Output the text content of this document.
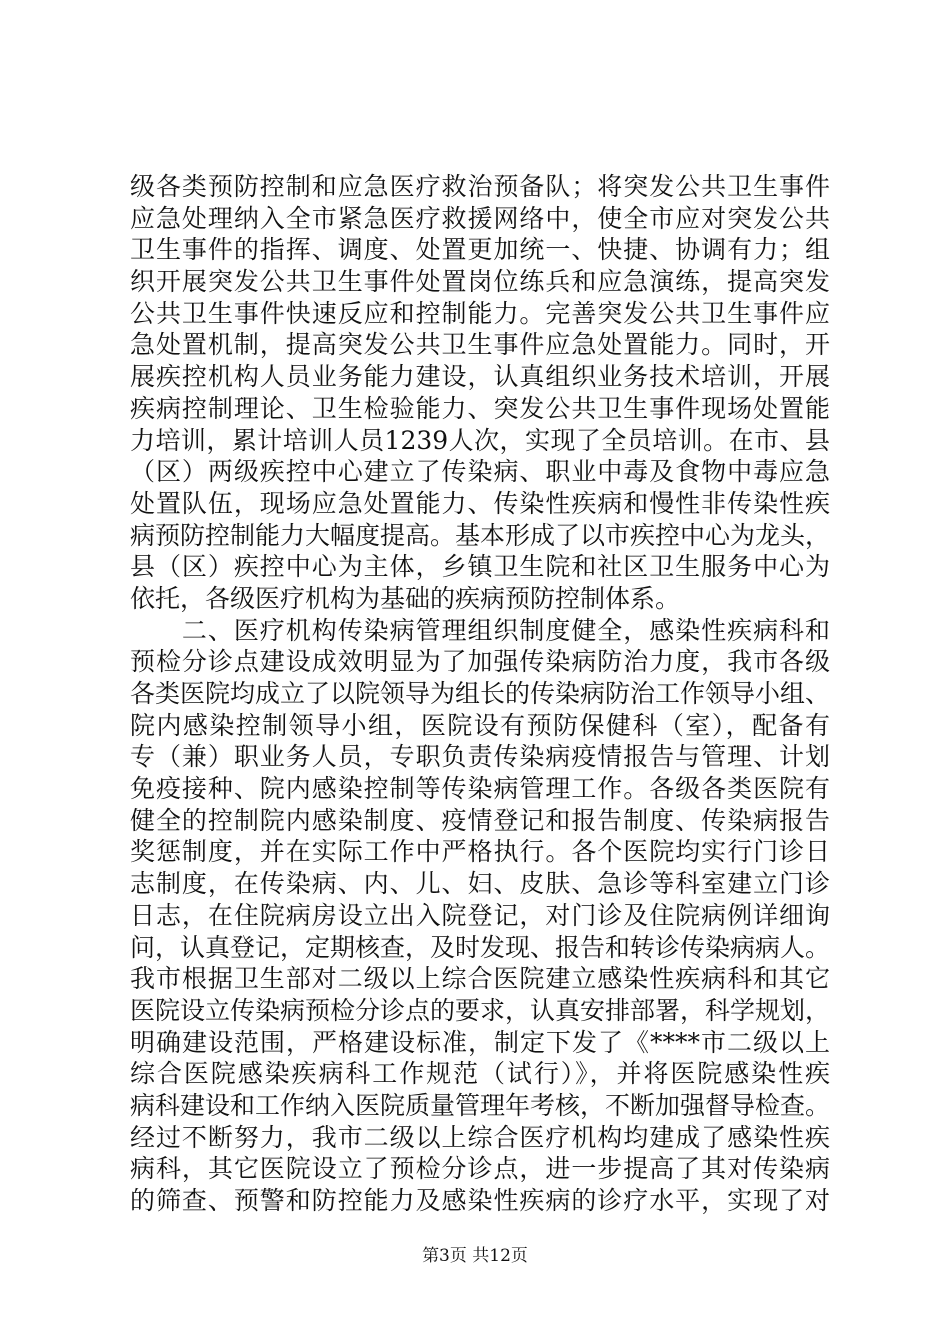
级各类预防控制和应急医疗救治预备队；将突发公共卫生事件
应急处理纳入全市紧急医疗救援网络中，使全市应对突发公共
卫生事件的指挥、调度、处置更加统一、快捷、协调有力；组
织开展突发公共卫生事件处置岗位练兵和应急演练，提高突发
公共卫生事件快速反应和控制能力。完善突发公共卫生事件应
急处置机制，提高突发公共卫生事件应急处置能力。同时，开
展疾控机构人员业务能力建设，认真组织业务技术培训，开展
疾病控制理论、卫生检验能力、突发公共卫生事件现场处置能
力培训，累计培训人员1239人次，实现了全员培训。在市、县
（区）两级疾控中心建立了传染病、职业中毒及食物中毒应急
处置队伍，现场应急处置能力、传染性疾病和慢性非传染性疾
病预防控制能力大幅度提高。基本形成了以市疾控中心为龙头，
县（区）疾控中心为主体，乡镇卫生院和社区卫生服务中心为
依托，各级医疗机构为基础的疾病预防控制体系。
　　二、医疗机构传染病管理组织制度健全，感染性疾病科和
预检分诊点建设成效明显为了加强传染病防治力度，我市各级
各类医院均成立了以院领导为组长的传染病防治工作领导小组、
院内感染控制领导小组，医院设有预防保健科（室），配备有
专（兼）职业务人员，专职负责传染病疫情报告与管理、计划
免疫接种、院内感染控制等传染病管理工作。各级各类医院有
健全的控制院内感染制度、疫情登记和报告制度、传染病报告
奖惩制度，并在实际工作中严格执行。各个医院均实行门诊日
志制度，在传染病、内、儿、妇、皮肤、急诊等科室建立门诊
日志，在住院病房设立出入院登记，对门诊及住院病例详细询
问，认真登记，定期核查，及时发现、报告和转诊传染病病人。
我市根据卫生部对二级以上综合医院建立感染性疾病科和其它
医院设立传染病预检分诊点的要求，认真安排部署，科学规划，
明确建设范围，严格建设标准，制定下发了《****市二级以上
综合医院感染疾病科工作规范（试行）》，并将医院感染性疾
病科建设和工作纳入医院质量管理年考核，不断加强督导检查。
经过不断努力，我市二级以上综合医疗机构均建成了感染性疾
病科，其它医院设立了预检分诊点，进一步提高了其对传染病
的筛查、预警和防控能力及感染性疾病的诊疗水平，实现了对
第3页 共12页
